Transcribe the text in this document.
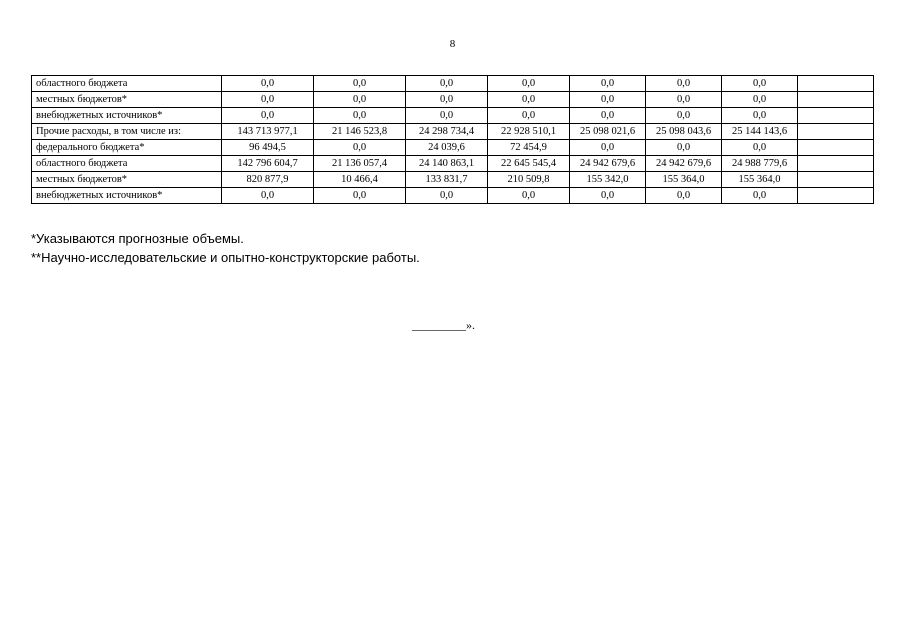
8
областного бюджета	0,0	0,0	0,0	0,0	0,0	0,0	0,0	
местных бюджетов*	0,0	0,0	0,0	0,0	0,0	0,0	0,0	
внебюджетных источников*	0,0	0,0	0,0	0,0	0,0	0,0	0,0	
Прочие расходы, в том числе из:	143 713 977,1	21 146 523,8	24 298 734,4	22 928 510,1	25 098 021,6	25 098 043,6	25 144 143,6	
федерального бюджета*	96 494,5	0,0	24 039,6	72 454,9	0,0	0,0	0,0	
областного бюджета	142 796 604,7	21 136 057,4	24 140 863,1	22 645 545,4	24 942 679,6	24 942 679,6	24 988 779,6	
местных бюджетов*	820 877,9	10 466,4	133 831,7	210 509,8	155 342,0	155 364,0	155 364,0	
внебюджетных источников*	0,0	0,0	0,0	0,0	0,0	0,0	0,0	
*Указываются прогнозные объемы.
**Научно-исследовательские и опытно-конструкторские работы.
_________».
